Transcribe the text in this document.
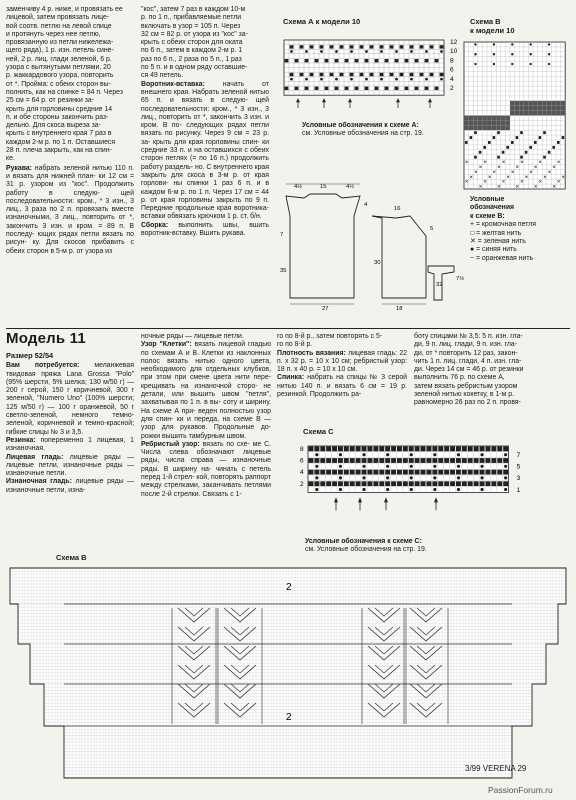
заменчиву 4 р. ниже, и провязать ее
лицевой, затем провязать лице-
вой соотв. петлю на левой спице
и протянуть через нее петлю,
провязанную из петли нижележа-
щего ряда), 1 р. изн. петель сине-
ней, 2 р. лиц. глади зеленой, 6 р.
узора с вытянутыми петлями, 20
р. жаккардового узора, повторить
от *. Пройма: с обеих сторон вы-
полнить, как на спинке = 84 п. Через
25 см = 64 р. от резинки за-
крыть для горловины средние 14
п. и обе стороны закончить раз-
дельно. Для скоса выреза за-
крыть с внутреннего края 7 раз в
каждом 2-м р. по 1 п. Оставшиеся
28 п. плеча закрыть, как на спин-
ке.

Рукава: набрать зеленой нитью 110 п. и вязать для нижней план- ки 12 см = 31 р. узором из "кос". Продолжить работу в следую-	щей последовательности: кром., * 3 изн., 3 лиц., 3 раза по 2 п. провязать вместе изнаночными, 3 лиц., повторить от *, закончить 3 изн. и кром. = 89 п. В последу- ющих рядах петли вязать по рисун- ку. Для скосов прибавить с обеих сторон в 5-м р. от узора из

"кос", затем 7 раз в каждом 10-м
р. по 1 п., прибавляемые петли
включать в узор = 105 п. Через
32 см = 82 р. от узора из "кос" за-
крыть с обеих сторон для оката
по 6 п., затем в каждом 2-м р. 1
раз по 6 п., 2 раза по 5 п., 1 раз
по 5 п. и в одном ряду оставшие-
ся 49 петель.

Воротник-вставка:	начать от внешнего края. Набрать зеленой нитью 65 п. и вязать в следую- щей последовательности: кром., * 3 изн., 3 лиц., повторить от *, закончить 3 изн. и кром. В по- следующих рядах петли вязать по рисунку. Через 9 см = 23 р. за- крыть для края горловины спин- ки средние 33 п. и на оставшихся с обеих сторон петлях (= по 16 п.) продолжить работу раздель- но. С внутреннего края закрыть для скоса в 3-м р. от края горлови- ны спинки 1 раз 6 п. и в каждом 6-м р. по 1 п. Через 17 см = 44 р. от края горловины закрыть по 9 п. Передние продольные края воротника-вставки обвязать крючком 1 р. ст. б/н.

Сборка: выполнить швы, вшить воротник-вставку. Вшить рукава.

Схема А к модели 10
12
10
8
6
4
2
Условные обозначения к схеме А:
см. Условные обозначения на стр. 19.
Схема В
к модели 10
✕	✕	✕	✕	✕	✕
✕	✕	✕	✕	✕
✕	✕	✕	✕	✕
✕	✕	✕	✕	✕	✕
✕	✕	✕	✕	✕	✕
✕	✕	✕	✕	✕
Условные
обозначения
к схеме В:
+ = кромочная петля
□ = желтая нить
✕ = зеленая нить
● = синяя нить
− = оранжевая нить
4½	15	4½
27
7
4
35
16
5
18
30
32
7½
Модель 11

Размер 52/54

Вам потребуется: меланжевая твидовая пряжа Lana Grossa "Polo" (95% шерсти, 5% шелка; 130 м/50 г) — 200 г серой, 150 г коричневой, 300 г зеленой, "Numero Uno" (100% шерсти; 125 м/50 г) — 100 г оранжевой, 50 г светло-зеленой, немного темно-зеленой, коричневой и темно-красной; гибкие спицы № 3 и 3,5.

Резинка: попеременно 1 лицевая, 1 изнаночная.

Лицевая гладь: лицевые ряды — лицевые петли, изнаночные ряды — изнаночные петли.

Изнаночная гладь: лицевые ряды — изнаночные петли, изна-

ночные ряды — лицевые петли.

Узор "Клетки": вязать лицевой гладью по схемам А и В. Клетки из наклонных полос вязать нитью одного цвета, необходимого для отдельных клубков, при этом при смене цвета нити пере- крещивать на изнаночной сторо- не детали, или вышить швом "петля", захватывая по 1 п. в вы- соту и ширину. На схеме А при- веден полностью узор для спин- ки и переда, на схеме В — узор для рукавов. Продольные до- рожки вышить тамбурным швом.

Ребристый узор: вязать по схе- ме С. Числа слева обозначают лицевые ряды, числа справа — изнаночные ряды. В ширину на- чинать с петель перед 1-й стрел- кой, повторять раппорт между стрелками, заканчивать петлями после 2-й стрелки. Связать с 1-

го по 8-й р., затем повторять с 5-
го по 8-й р.

Плотность вязания: лицевая гладь: 22 п. x 32 р. = 10 x 10 см; ребристый узор: 18 п. x 40 р. = 10 x 10 см.

Спинка: набрать на спицы № 3 серой нитью 140 п. и вязать 6 см = 19 р. резинкой. Продолжить ра-

боту спицами № 3,5: 5 п. изн. гла-
ди, 9 п. лиц. глади, 9 п. изн. гла-
ди, от * повторить 12 раз, закон-
чить 1 п. лиц. глади, 4 п. изн. гла-
ди. Через 14 см = 46 р. от резинки
выполнить 76 р. по схеме А,
затем вязать ребристым узором
зеленой нитью кокетку, в 1-м р.
равномерно 26 раз по 2 п. провя-
Схема С
8
6
4
2
7
5
3
1
Условные обозначения к схеме С:
см. Условные обозначения на стр. 19.
Схема В
2
2
3/99 VERENA 29
PassionForum.ru
